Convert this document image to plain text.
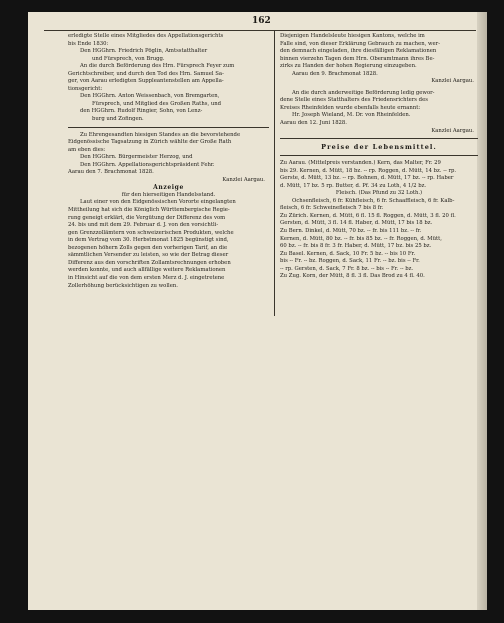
162

erledigte Stelle eines Mitgliedes des Appellationsgerichts

bis Ende 1830:

Den HGGhrn. Friedrich Pöglin, Amtsstatthalter

und Fürsprech, von Brugg.

An die durch Beförderung des Hrn. Fürsprech Feyer zum

Gerichtschreiber, und durch den Tod des Hrn. Samuel Sa-

ger, von Aarau erledigten Suppleantenstellen am Appella-

tionsgericht:

Den HGGhrn. Anton Weissenbach, von Bremgarten,

Fürsprech, und Mitglied des Großen Raths, und

den HGGhrn. Rudolf Ringier, Sohn, von Lenz-

burg und Zofingen.

Zu Ehrengesandten hiesigen Standes an die bevorstehende

Eidgenössische Tagsatzung in Zürich wählte der Große Rath

am eben dies:

Den HGGhrn. Bürgermeister Herzog, und

Den HGGhrn. Appellationsgerichtspräsident Fehr.

Aarau den 7. Brachmonat 1828.

Kanzlei Aargau.

Anzeige

für den hierseitigen Handelsstand.

Laut einer von den Eidgenössischen Vororte eingelangten

Mittheilung hat sich die Königlich Württembergische Regie-

rung geneigt erklärt, die Vergütung der Differenz des vom

24. bis und mit dem 29. Februar d. J. von den vorsichtli-

gen Grenzzollämtern von schweizerischen Produkten, welche

in dem Vertrag vom 30. Herbstmonat 1825 begünstigt sind,

bezogenen höhern Zolls gegen den vorherigen Tarif, an die

sämmtlichen Versender zu leisten, so wie der Betrag dieser

Differenz aus den vorschriften Zollamtsrechnungen erhoben

werden konnte, und auch allfällige weitere Reklamationen

in Hinsicht auf die von dem ersten Merz d. J. eingetretene

Zollerhöhung berücksichtigen zu wollen.

Diejenigen Handelsleute hiesigen Kantons, welche im

Falle sind, von dieser Erklärung Gebrauch zu machen, wer-

den demnach eingeladen, ihre diesfälligen Reklamationen

binnen vierzehn Tagen dem Hrn. Oberamtmann ihres Be-

zirks zu Handen der hohen Regierung einzugeben.

Aarau den 9. Brachmonat 1828.

Kanzlei Aargau.

An die durch anderweitige Beförderung ledig gewor-

dene Stelle eines Statthalters des Friedensrichters des

Kreises Rheinfelden wurde ebenfalls heute ernannt:

Hr. Joseph Wieland, M. Dr. von Rheinfelden.

Aarau den 12. Juni 1828.

Kanzlei Aargau.

Preise der Lebensmittel.

Zu Aarau. (Mittelpreis verstanden.) Kern, das Malter, Fr. 29

bis 29. Kernen, d. Mütt, 18 bz. -- rp. Roggen, d. Mütt, 14 bz. -- rp.

Gerste, d. Mütt, 13 bz. -- rp. Bohnen, d. Mütt, 17 bz. -- rp. Haber

d. Mütt, 17 bz. 5 rp. Butter, d. Pf. 34 zu Loth, 4 1/2 bz.

Fleisch. (Das Pfund zu 32 Loth.)

Ochsenfleisch, 6 fr. Kühfleisch, 6 fr. Schaaffleisch, 6 fr. Kalb-

fleisch, 6 fr. Schweinefleisch 7 bis 8 fr.

Zu Zürich. Kernen, d. Mütt, 6 fl. 15 fl. Roggen, d. Mütt, 3 fl. 20 fl.

Gersten, d. Mütt, 3 fl. 14 fl. Haber, d. Mütt, 17 bis 18 bz.

Zu Bern. Dinkel, d. Mütt, 70 bz. -- fr. bis 111 bz. -- fr.

Kernen, d. Mütt, 80 bz. -- fr. bis 85 bz. -- fr. Roggen, d. Mütt,

60 bz. -- fr. bis 8 fr. 3 fr. Haber, d. Mütt, 17 bz. bis 25 bz.

Zu Basel. Kernen, d. Sack, 10 Fr. 5 bz. -- bis 10 Fr.

bis -- Fr. -- bz. Roggen, d. Sack, 11 Fr. -- bz. bis -- Fr.

-- rp. Gersten, d. Sack, 7 Fr. 8 bz. -- bis -- Fr. -- bz.

Zu Zug. Korn, der Mütt, 8 fl. 3 fl. Das Brod zu 4 fl. 40.
